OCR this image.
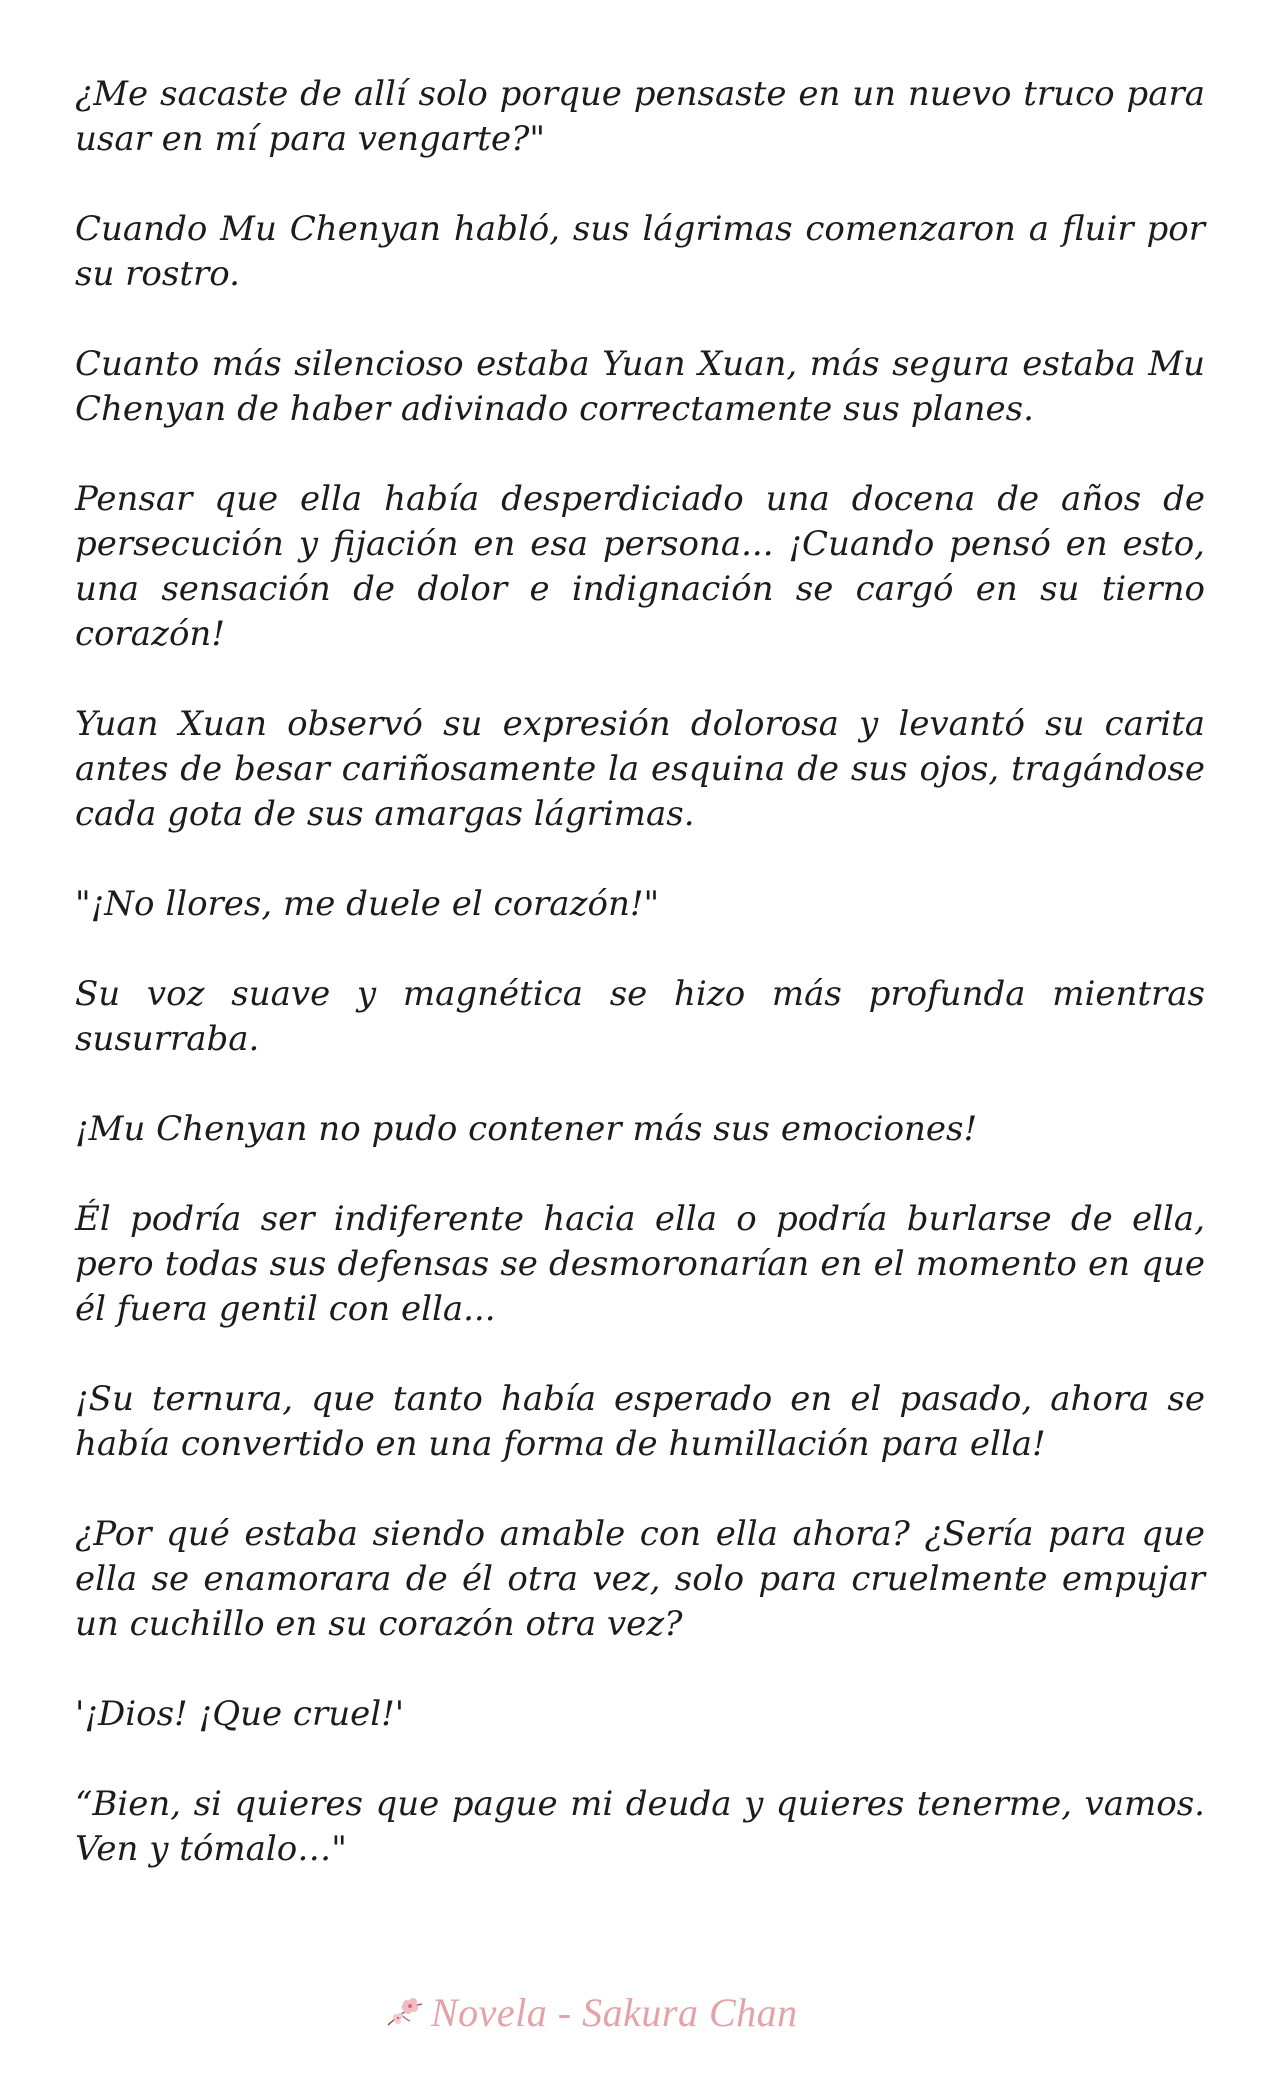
¿Me sacaste de allí solo porque pensaste en un nuevo truco para usar en mí para vengarte?"

Cuando Mu Chenyan habló, sus lágrimas comenzaron a fluir por su rostro.

Cuanto más silencioso estaba Yuan Xuan, más segura estaba Mu Chenyan de haber adivinado correctamente sus planes.

Pensar que ella había desperdiciado una docena de años de persecución y fijación en esa persona... ¡Cuando pensó en esto, una sensación de dolor e indignación se cargó en su tierno corazón!

Yuan Xuan observó su expresión dolorosa y levantó su carita antes de besar cariñosamente la esquina de sus ojos, tragándose cada gota de sus amargas lágrimas.

"¡No llores, me duele el corazón!"

Su voz suave y magnética se hizo más profunda mientras susurraba.

¡Mu Chenyan no pudo contener más sus emociones!

Él podría ser indiferente hacia ella o podría burlarse de ella, pero todas sus defensas se desmoronarían en el momento en que él fuera gentil con ella...

¡Su ternura, que tanto había esperado en el pasado, ahora se había convertido en una forma de humillación para ella!

¿Por qué estaba siendo amable con ella ahora? ¿Sería para que ella se enamorara de él otra vez, solo para cruelmente empujar un cuchillo en su corazón otra vez?

'¡Dios! ¡Que cruel!'

“Bien, si quieres que pague mi deuda y quieres tenerme, vamos. Ven y tómalo…"

Novela - Sakura Chan
